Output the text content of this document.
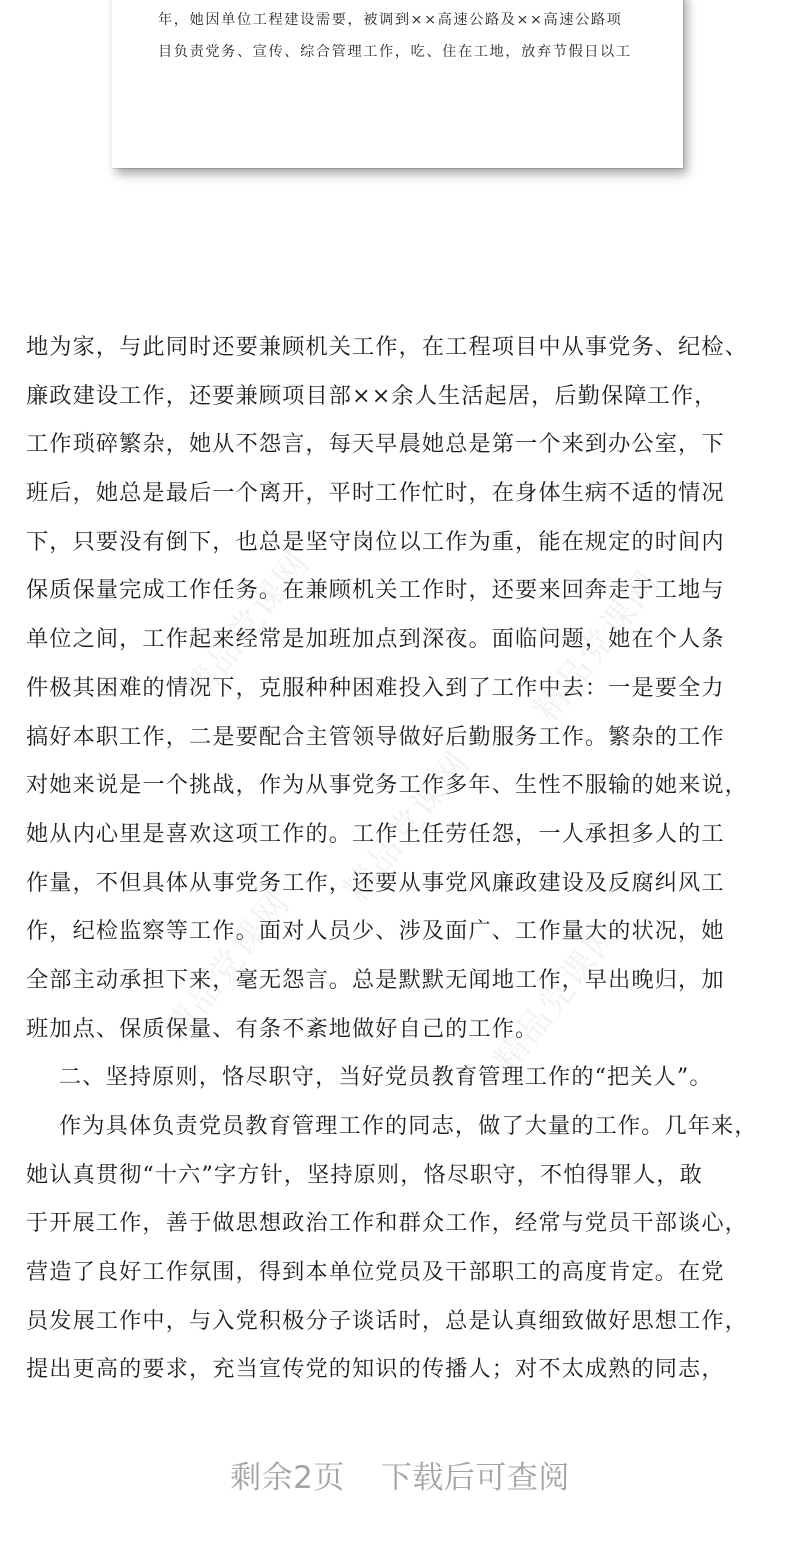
年，她因单位工程建设需要，被调到××高速公路及××高速公路项
目负责党务、宣传、综合管理工作，吃、住在工地，放弃节假日以工
精品党课网	精品党课网
精品党课网
精品党课网	精品党课网
地为家，与此同时还要兼顾机关工作，在工程项目中从事党务、纪检、
廉政建设工作，还要兼顾项目部××余人生活起居，后勤保障工作，
工作琐碎繁杂，她从不怨言，每天早晨她总是第一个来到办公室，下
班后，她总是最后一个离开，平时工作忙时，在身体生病不适的情况
下，只要没有倒下，也总是坚守岗位以工作为重，能在规定的时间内
保质保量完成工作任务。在兼顾机关工作时，还要来回奔走于工地与
单位之间，工作起来经常是加班加点到深夜。面临问题，她在个人条
件极其困难的情况下，克服种种困难投入到了工作中去：一是要全力
搞好本职工作，二是要配合主管领导做好后勤服务工作。繁杂的工作
对她来说是一个挑战，作为从事党务工作多年、生性不服输的她来说，
她从内心里是喜欢这项工作的。工作上任劳任怨，一人承担多人的工
作量，不但具体从事党务工作，还要从事党风廉政建设及反腐纠风工
作，纪检监察等工作。面对人员少、涉及面广、工作量大的状况，她
全部主动承担下来，毫无怨言。总是默默无闻地工作，早出晚归，加
班加点、保质保量、有条不紊地做好自己的工作。
二、坚持原则，恪尽职守，当好党员教育管理工作的“把关人”。
作为具体负责党员教育管理工作的同志，做了大量的工作。几年来，
她认真贯彻“十六”字方针，坚持原则，恪尽职守，不怕得罪人，敢
于开展工作，善于做思想政治工作和群众工作，经常与党员干部谈心，
营造了良好工作氛围，得到本单位党员及干部职工的高度肯定。在党
员发展工作中，与入党积极分子谈话时，总是认真细致做好思想工作，
提出更高的要求，充当宣传党的知识的传播人；对不太成熟的同志，
剩余2页 下载后可查阅
